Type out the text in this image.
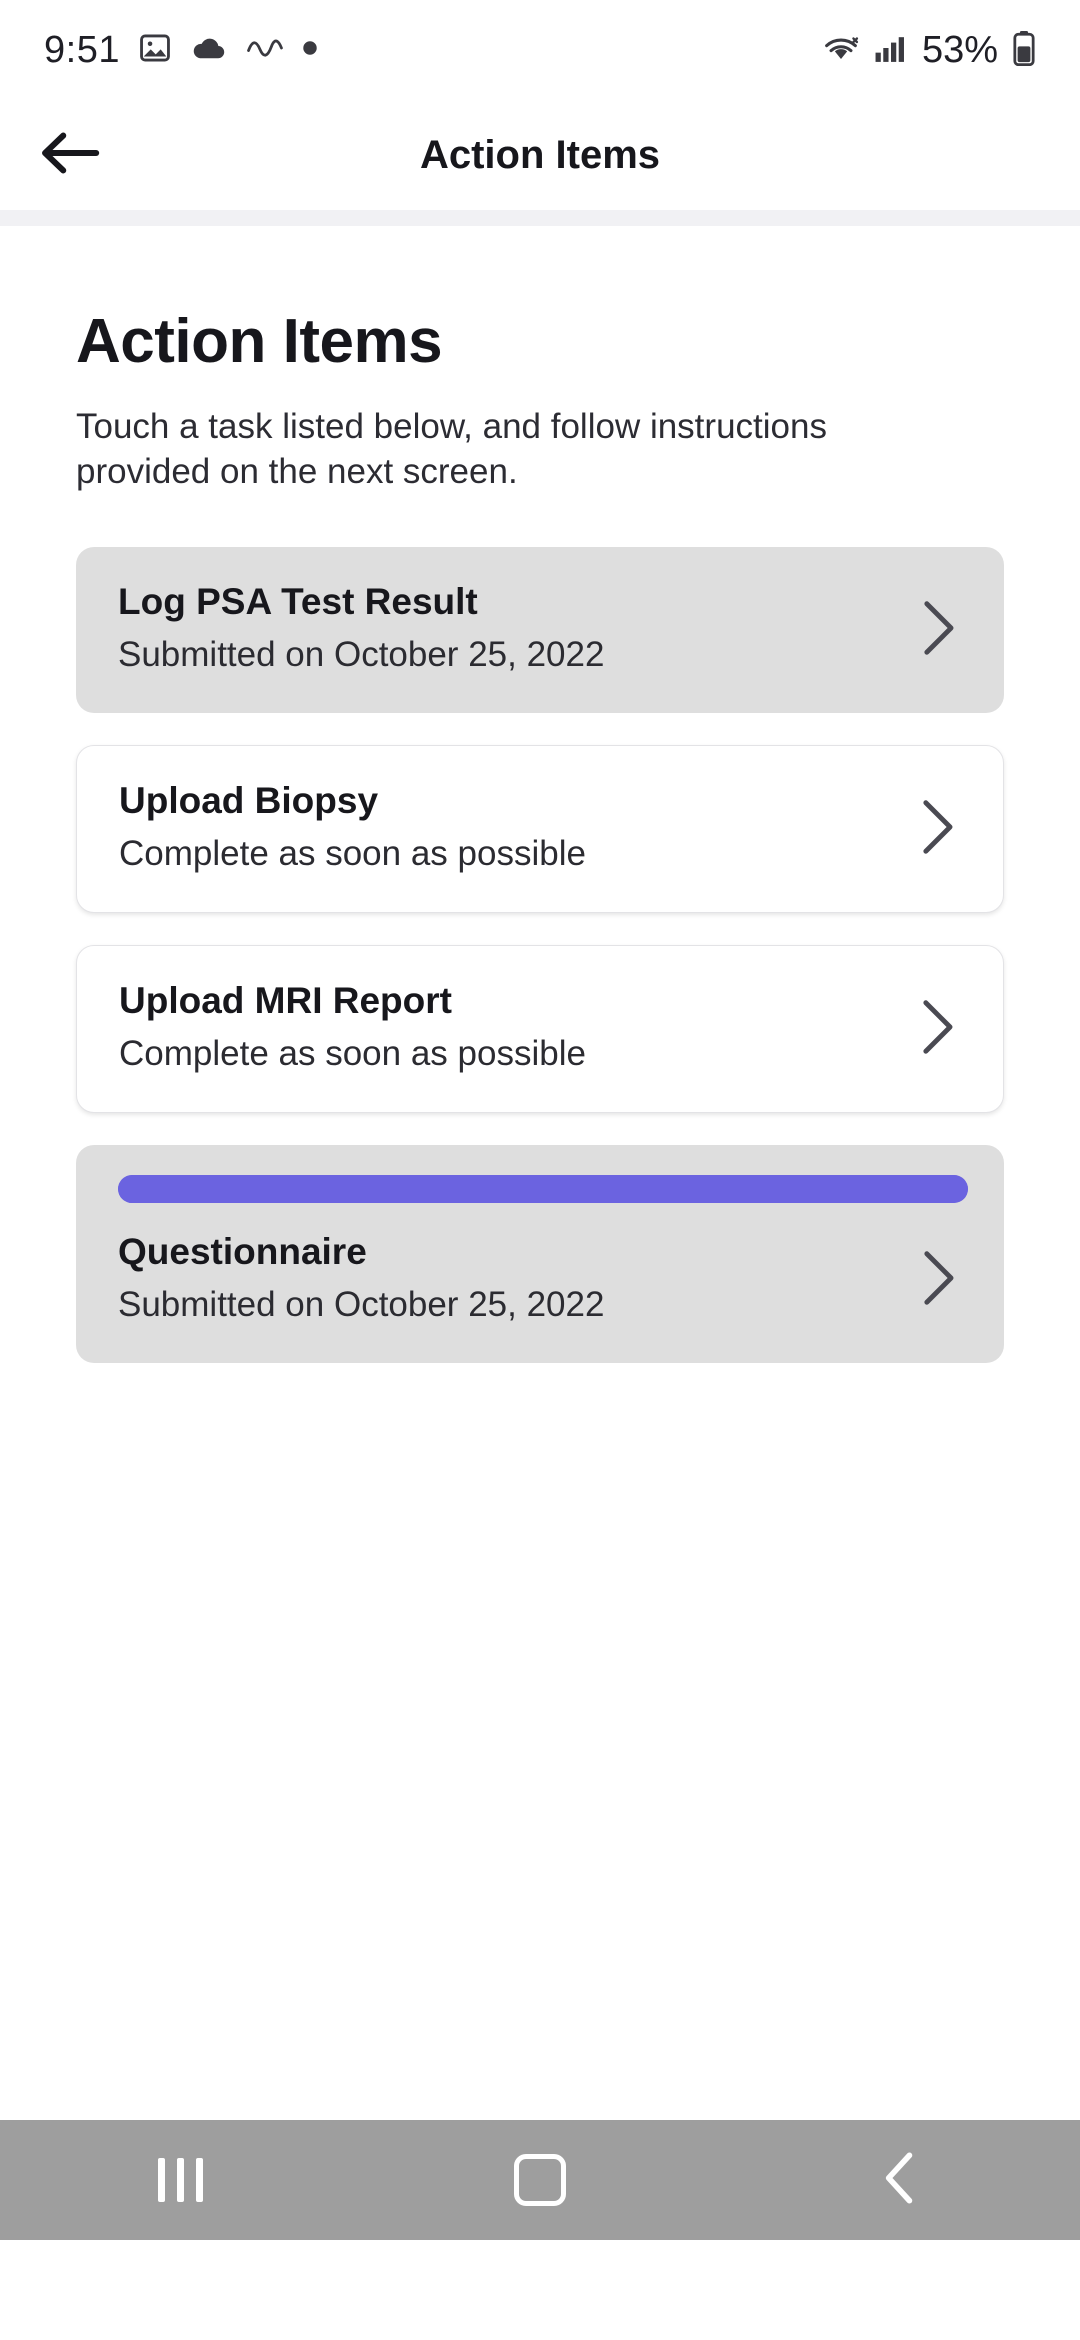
9:51	53%
Action Items
Action Items

Touch a task listed below, and follow instructions provided on the next screen.

Log PSA Test Result
Submitted on October 25, 2022
Upload Biopsy
Complete as soon as possible
Upload MRI Report
Complete as soon as possible
Questionnaire
Submitted on October 25, 2022
